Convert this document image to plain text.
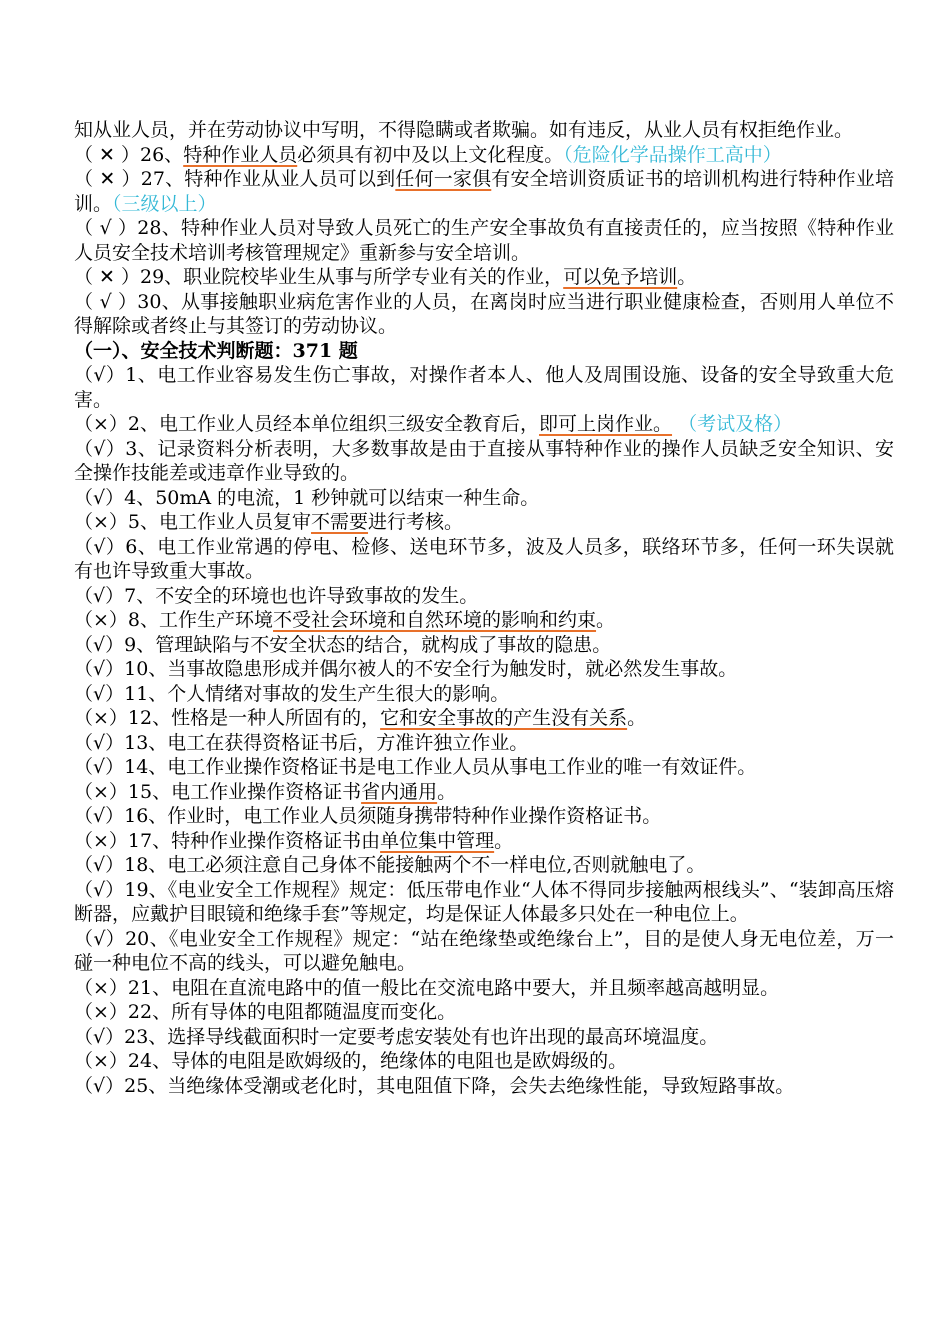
知从业人员，并在劳动协议中写明，不得隐瞒或者欺骗。如有违反，从业人员有权拒绝作业。

（ ✕ ）26、特种作业人员必须具有初中及以上文化程度。（危险化学品操作工高中）

（ ✕ ）27、特种作业从业人员可以到任何一家俱有安全培训资质证书的培训机构进行特种作业培训。（三级以上）

（ √ ）28、特种作业人员对导致人员死亡的生产安全事故负有直接责任的，应当按照《特种作业人员安全技术培训考核管理规定》重新参与安全培训。

（ ✕ ）29、职业院校毕业生从事与所学专业有关的作业，可以免予培训。

（ √ ）30、从事接触职业病危害作业的人员，在离岗时应当进行职业健康检查，否则用人单位不得解除或者终止与其签订的劳动协议。

（一）、安全技术判断题：371 题

（√）1、电工作业容易发生伤亡事故，对操作者本人、他人及周围设施、设备的安全导致重大危害。

（×）2、电工作业人员经本单位组织三级安全教育后，即可上岗作业。 （考试及格）

（√）3、记录资料分析表明，大多数事故是由于直接从事特种作业的操作人员缺乏安全知识、安全操作技能差或违章作业导致的。

（√）4、50mA 的电流，1 秒钟就可以结束一种生命。

（×）5、电工作业人员复审不需要进行考核。

（√）6、电工作业常遇的停电、检修、送电环节多，波及人员多，联络环节多，任何一环失误就有也许导致重大事故。

（√）7、不安全的环境也也许导致事故的发生。

（×）8、工作生产环境不受社会环境和自然环境的影响和约束。

（√）9、管理缺陷与不安全状态的结合，就构成了事故的隐患。

（√）10、当事故隐患形成并偶尔被人的不安全行为触发时，就必然发生事故。

（√）11、个人情绪对事故的发生产生很大的影响。

（×）12、性格是一种人所固有的，它和安全事故的产生没有关系。

（√）13、电工在获得资格证书后，方准许独立作业。

（√）14、电工作业操作资格证书是电工作业人员从事电工作业的唯一有效证件。

（×）15、电工作业操作资格证书省内通用。

（√）16、作业时，电工作业人员须随身携带特种作业操作资格证书。

（×）17、特种作业操作资格证书由单位集中管理。

（√）18、电工必须注意自己身体不能接触两个不一样电位,否则就触电了。

（√）19、《电业安全工作规程》规定：低压带电作业“人体不得同步接触两根线头”、“装卸高压熔断器，应戴护目眼镜和绝缘手套”等规定，均是保证人体最多只处在一种电位上。

（√）20、《电业安全工作规程》规定：“站在绝缘垫或绝缘台上”，目的是使人身无电位差，万一碰一种电位不高的线头，可以避免触电。

（×）21、电阻在直流电路中的值一般比在交流电路中要大，并且频率越高越明显。

（×）22、所有导体的电阻都随温度而变化。

（√）23、选择导线截面积时一定要考虑安装处有也许出现的最高环境温度。

（×）24、导体的电阻是欧姆级的，绝缘体的电阻也是欧姆级的。

（√）25、当绝缘体受潮或老化时，其电阻值下降，会失去绝缘性能，导致短路事故。
